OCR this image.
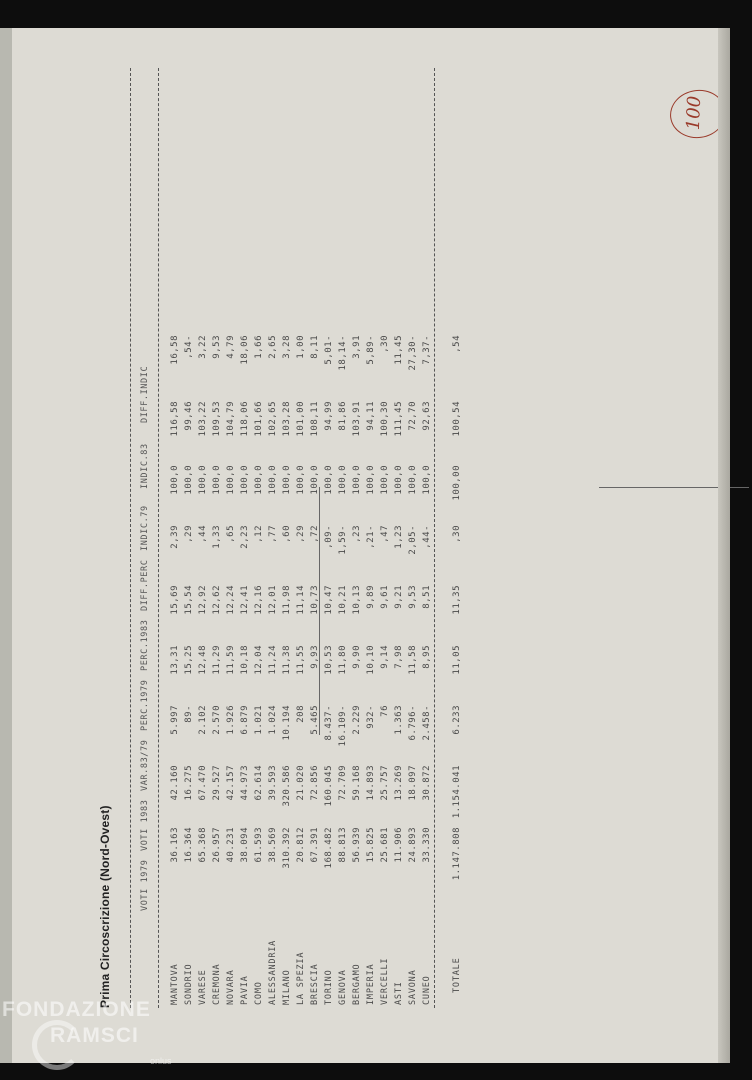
Prima Circoscrizione (Nord-Ovest)	VOTI 1979
VOTI 1983
VAR.83/79
PERC.1979
PERC.1983
DIFF.PERC
INDIC.79
INDIC.83
DIFF.INDIC
MANTOVA
36.163
42.160
5.997
13,31
15,69
2,39
100,0
116,58
16,58
SONDRIO
16.364
16.275
89-
15,25
15,54
,29
100,0
99,46
,54-
VARESE
65.368
67.470
2.102
12,48
12,92
,44
100,0
103,22
3,22
CREMONA
26.957
29.527
2.570
11,29
12,62
1,33
100,0
109,53
9,53
NOVARA
40.231
42.157
1.926
11,59
12,24
,65
100,0
104,79
4,79
PAVIA
38.094
44.973
6.879
10,18
12,41
2,23
100,0
118,06
18,06
COMO
61.593
62.614
1.021
12,04
12,16
,12
100,0
101,66
1,66
ALESSANDRIA
38.569
39.593
1.024
11,24
12,01
,77
100,0
102,65
2,65
MILANO
310.392
320.586
10.194
11,38
11,98
,60
100,0
103,28
3,28
LA SPEZIA
20.812
21.020
208
11,55
11,14
,29
100,0
101,00
1,00
BRESCIA
67.391
72.856
5.465
9,93
10,73
,72
100,0
108,11
8,11
TORINO
168.482
160.045
8.437-
10,53
10,47
,09-
100,0
94,99
5,01-
GENOVA
88.813
72.709
16.109-
11,80
10,21
1,59-
100,0
81,86
18,14-
BERGAMO
56.939
59.168
2.229
9,90
10,13
,23
100,0
103,91
3,91
IMPERIA
15.825
14.893
932-
10,10
9,89
,21-
100,0
94,11
5,89-
VERCELLI
25.681
25.757
76
9,14
9,61
,47
100,0
100,30
,30
ASTI
11.906
13.269
1.363
7,98
9,21
1,23
100,0
111,45
11,45
SAVONA
24.893
18.097
6.796-
11,58
9,53
2,05-
100,0
72,70
27,30-
CUNEO
33.330
30.872
2.458-
8,95
8,51
,44-
100,0
92,63
7,37-
TOTALE
1.147.808
1.154.041
6.233
11,05
11,35
,30
100,00
100,54
,54
100
FONDAZIONE
RAMSCI
onlus
